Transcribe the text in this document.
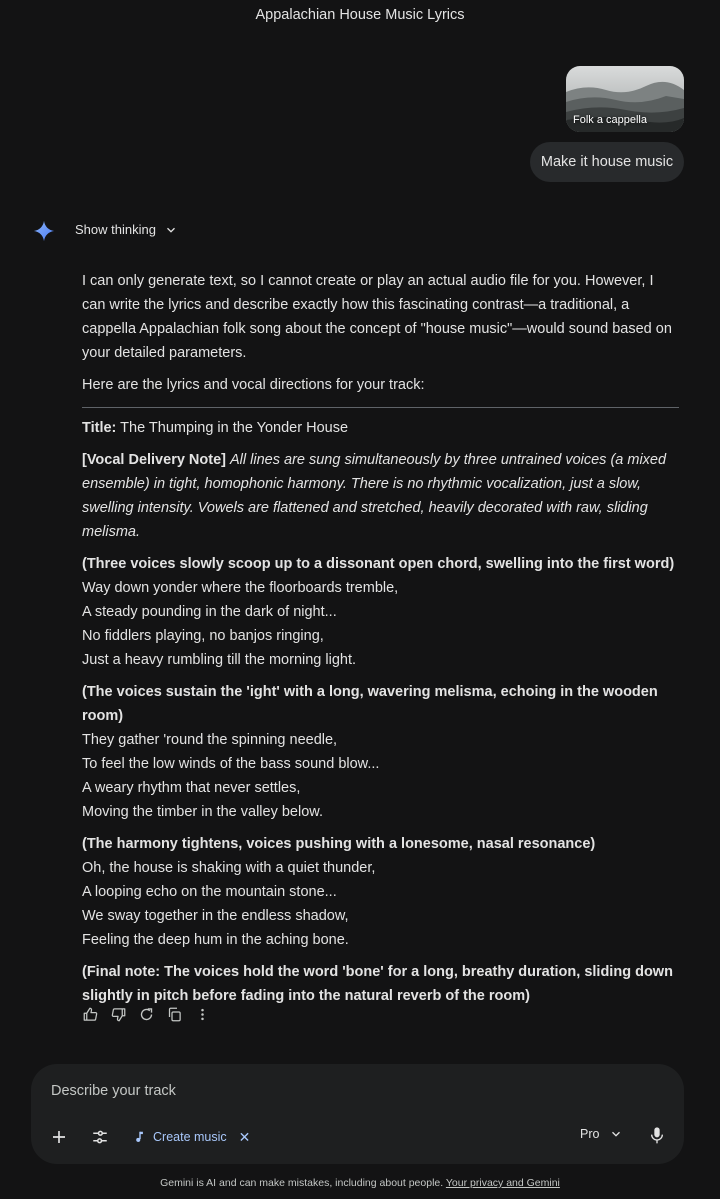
Appalachian House Music Lyrics
Folk a cappella
Make it house music
Show thinking

I can only generate text, so I cannot create or play an actual audio file for you. However, I can write the lyrics and describe exactly how this fascinating contrast—a traditional, a cappella Appalachian folk song about the concept of "house music"—would sound based on your detailed parameters.

Here are the lyrics and vocal directions for your track:

Title: The Thumping in the Yonder House

[Vocal Delivery Note] All lines are sung simultaneously by three untrained voices (a mixed ensemble) in tight, homophonic harmony. There is no rhythmic vocalization, just a slow, swelling intensity. Vowels are flattened and stretched, heavily decorated with raw, sliding melisma.

(Three voices slowly scoop up to a dissonant open chord, swelling into the first word)
Way down yonder where the floorboards tremble,
A steady pounding in the dark of night...
No fiddlers playing, no banjos ringing,
Just a heavy rumbling till the morning light.

(The voices sustain the 'ight' with a long, wavering melisma, echoing in the wooden room)
They gather 'round the spinning needle,
To feel the low winds of the bass sound blow...
A weary rhythm that never settles,
Moving the timber in the valley below.

(The harmony tightens, voices pushing with a lonesome, nasal resonance)
Oh, the house is shaking with a quiet thunder,
A looping echo on the mountain stone...
We sway together in the endless shadow,
Feeling the deep hum in the aching bone.

(Final note: The voices hold the word 'bone' for a long, breathy duration, sliding down slightly in pitch before fading into the natural reverb of the room)

Describe your track
Create music ✕	Pro
Gemini is AI and can make mistakes, including about people. Your privacy and Gemini
